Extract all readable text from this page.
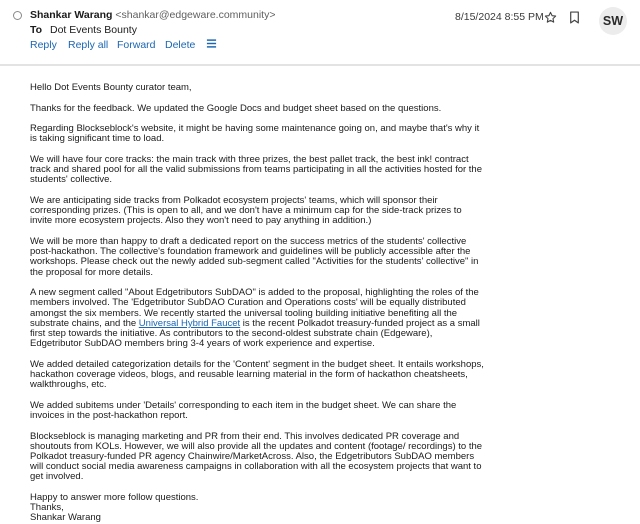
Shankar Warang <shankar@edgeware.community>
To Dot Events Bounty
8/15/2024 8:55 PM	SW
Reply Reply all Forward Delete

Hello Dot Events Bounty curator team,

Thanks for the feedback. We updated the Google Docs and budget sheet based on the questions.

Regarding Blockseblock's website, it might be having some maintenance going on, and maybe that's why it is taking significant time to load.

We will have four core tracks: the main track with three prizes, the best pallet track, the best ink! contract track and shared pool for all the valid submissions from teams participating in all the activities hosted for the students' collective.

We are anticipating side tracks from Polkadot ecosystem projects' teams, which will sponsor their corresponding prizes. (This is open to all, and we don't have a minimum cap for the side-track prizes to invite more ecosystem projects. Also they won't need to pay anything in addition.)

We will be more than happy to draft a dedicated report on the success metrics of the students' collective post-hackathon. The collective's foundation framework and guidelines will be publicly accessible after the workshops. Please check out the newly added sub-segment called "Activities for the students' collective" in the proposal for more details.

A new segment called "About Edgetributors SubDAO" is added to the proposal, highlighting the roles of the members involved. The 'Edgetributor SubDAO Curation and Operations costs' will be equally distributed amongst the six members. We recently started the universal tooling building initiative benefiting all the substrate chains, and the Universal Hybrid Faucet is the recent Polkadot treasury-funded project as a small first step towards the initiative. As contributors to the second-oldest substrate chain (Edgeware), Edgetributor SubDAO members bring 3-4 years of work experience and expertise.

We added detailed categorization details for the 'Content' segment in the budget sheet. It entails workshops, hackathon coverage videos, blogs, and reusable learning material in the form of hackathon cheatsheets, walkthroughs, etc.

We added subitems under 'Details' corresponding to each item in the budget sheet. We can share the invoices in the post-hackathon report.

Blockseblock is managing marketing and PR from their end. This involves dedicated PR coverage and shoutouts from KOLs. However, we will also provide all the updates and content (footage/ recordings) to the Polkadot treasury-funded PR agency Chainwire/MarketAcross. Also, the Edgetributors SubDAO members will conduct social media awareness campaigns in collaboration with all the ecosystem projects that want to get involved.

Happy to answer more follow questions.
Thanks,
Shankar Warang
